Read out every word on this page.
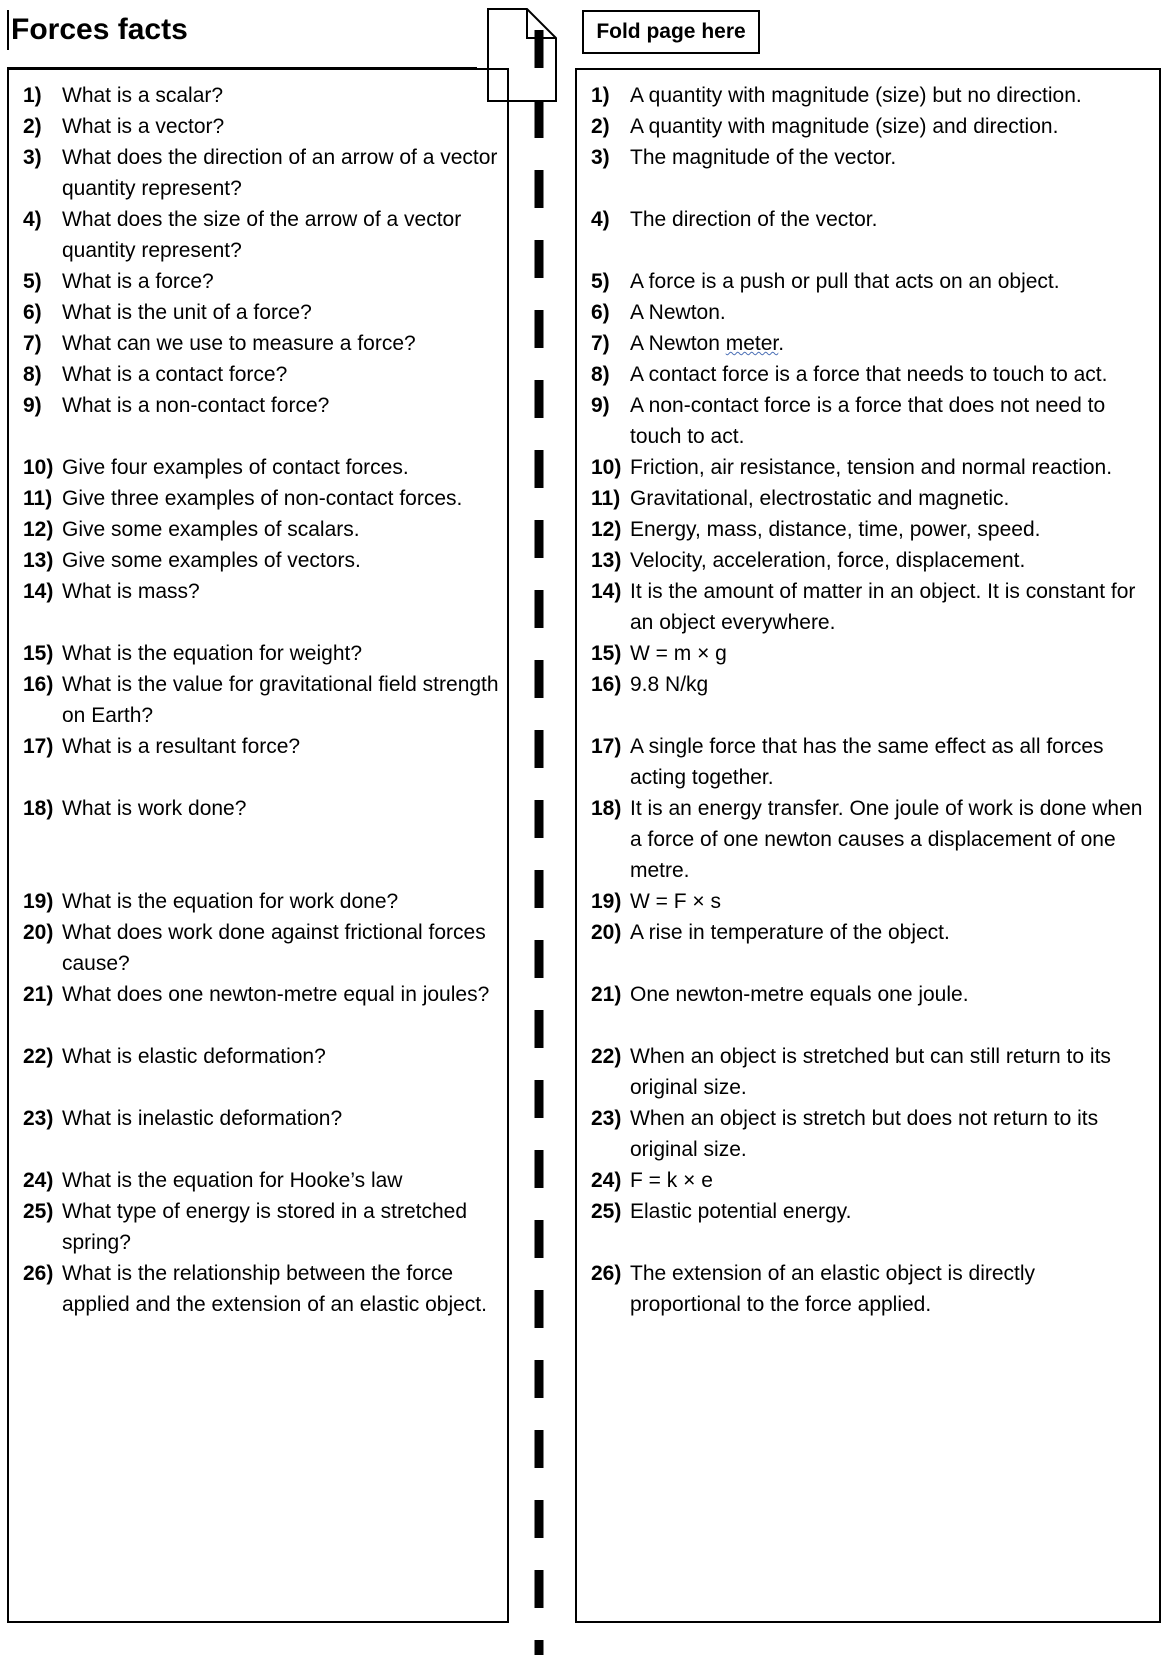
Forces facts	Fold page here
1) What is a scalar?
2) What is a vector?
3) What does the direction of an arrow of a vector quantity represent?
4) What does the size of the arrow of a vector quantity represent?
5) What is a force?
6) What is the unit of a force?
7) What can we use to measure a force?
8) What is a contact force?
9) What is a non-contact force?
10) Give four examples of contact forces.
11) Give three examples of non-contact forces.
12) Give some examples of scalars.
13) Give some examples of vectors.
14) What is mass?
15) What is the equation for weight?
16) What is the value for gravitational field strength on Earth?
17) What is a resultant force?
18) What is work done?
19) What is the equation for work done?
20) What does work done against frictional forces cause?
21) What does one newton-metre equal in joules?
22) What is elastic deformation?
23) What is inelastic deformation?
24) What is the equation for Hooke’s law
25) What type of energy is stored in a stretched spring?
26) What is the relationship between the force applied and the extension of an elastic object.
1) A quantity with magnitude (size) but no direction.
2) A quantity with magnitude (size) and direction.
3) The magnitude of the vector.
4) The direction of the vector.
5) A force is a push or pull that acts on an object.
6) A Newton.
7) A Newton meter.
8) A contact force is a force that needs to touch to act.
9) A non-contact force is a force that does not need to touch to act.
10) Friction, air resistance, tension and normal reaction.
11) Gravitational, electrostatic and magnetic.
12) Energy, mass, distance, time, power, speed.
13) Velocity, acceleration, force, displacement.
14) It is the amount of matter in an object. It is constant for an object everywhere.
15) W = m × g
16) 9.8 N/kg
17) A single force that has the same effect as all forces acting together.
18) It is an energy transfer. One joule of work is done when a force of one newton causes a displacement of one metre.
19) W = F × s
20) A rise in temperature of the object.
21) One newton-metre equals one joule.
22) When an object is stretched but can still return to its original size.
23) When an object is stretch but does not return to its original size.
24) F = k × e
25) Elastic potential energy.
26) The extension of an elastic object is directly proportional to the force applied.
